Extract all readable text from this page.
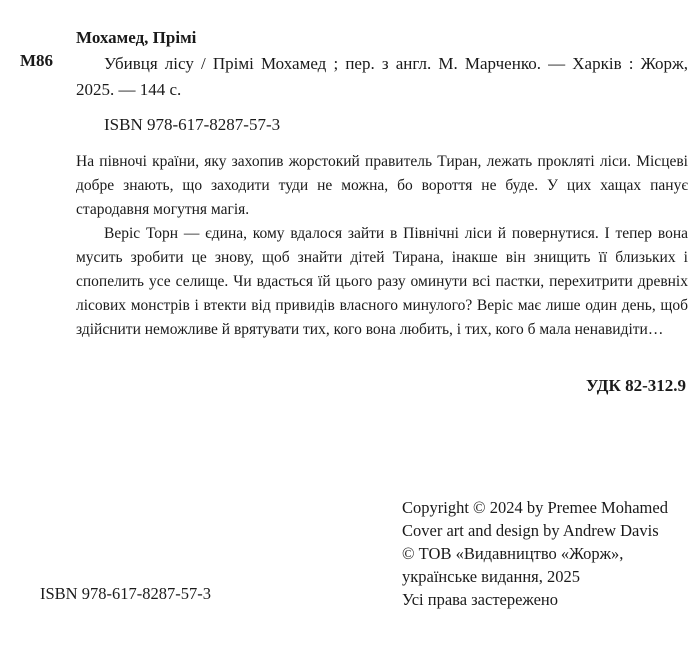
Мохамед, Прімі
М86	Убивця лісу / Прімі Мохамед ; пер. з англ. М. Марченко. — Харків : Жорж, 2025. — 144 с.
ISBN 978-617-8287-57-3

На півночі країни, яку захопив жорстокий правитель Тиран, лежать прокляті ліси. Місцеві добре знають, що заходити туди не можна, бо вороття не буде. У цих хащах панує стародавня могутня магія.

Веріс Торн — єдина, кому вдалося зайти в Північні ліси й повернутися. І тепер вона мусить зробити це знову, щоб знайти дітей Тирана, інакше він знищить її близьких і спопелить усе селище. Чи вдасться їй цього разу оминути всі пастки, перехитрити древніх лісових монстрів і втекти від привидів власного минулого? Веріс має лише один день, щоб здійснити неможливе й врятувати тих, кого вона любить, і тих, кого б мала ненавидіти…

УДК 82-312.9
Copyright © 2024 by Premee Mohamed
Cover art and design by Andrew Davis
© ТОВ «Видавництво «Жорж»,
українське видання, 2025
Усі права застережено
ISBN 978-617-8287-57-3
